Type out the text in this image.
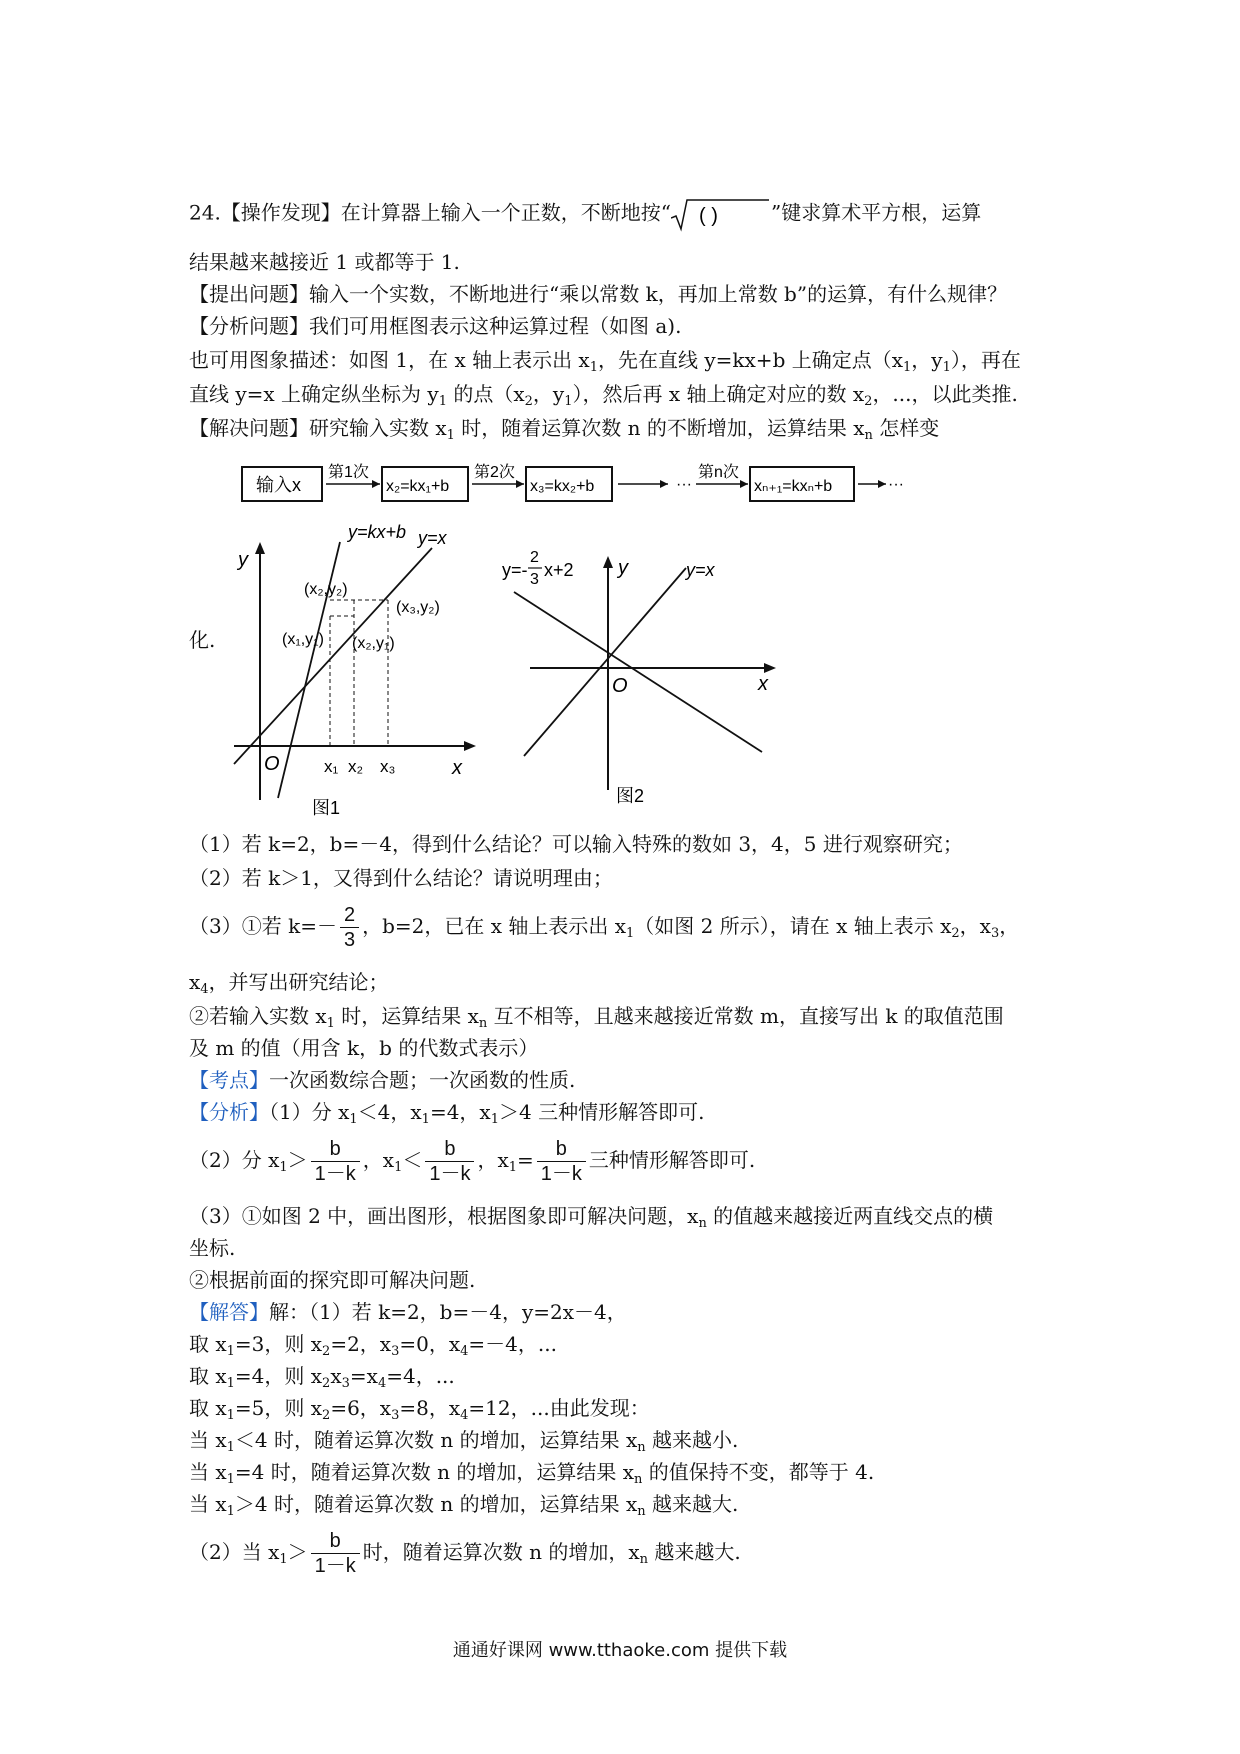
24.【操作发现】在计算器上输入一个正数，不断地按“ ( )	”键求算术平方根，运算
结果越来越接近 1 或都等于 1.
【提出问题】输入一个实数，不断地进行“乘以常数 k，再加上常数 b”的运算，有什么规律？
【分析问题】我们可用框图表示这种运算过程（如图 a).
也可用图象描述：如图 1，在 x 轴上表示出 $x_1$，先在直线 y=kx+b 上确定点（$x_1$，$y_1$），再在
直线 y=x 上确定纵坐标为 $y_1$ 的点（$x_2$，$y_1$），然后再 x 轴上确定对应的数 $x_2$，...，以此类推.
【解决问题】研究输入实数 $x_1$ 时，随着运算次数 n 的不断增加，运算结果 $x_n$ 怎样变
输入x
第1次
x₂=kx₁+b
第2次
x₃=kx₂+b	···
第n次
xₙ₊₁=kxₙ+b	···
化.
y
x
O
y=kx+b y=x
(x₂,y₂)
(x₃,y₂)
(x₁,y₁) (x₂,y₁)
x₁ x₂ x₃
图1
y=-
2
3 x+2 y	y=x
O	x
图2
（1）若 k=2，b=－4，得到什么结论？可以输入特殊的数如 3，4，5 进行观察研究；
（2）若 k＞1，又得到什么结论？请说明理由；
（3）①若 $k=- \frac{2}{3}$ ，b=2，已在 x 轴上表示出 $x_1$（如图 2 所示），请在 x 轴上表示 $x_2$，$x_3$，
$x_4$，并写出研究结论；
②若输入实数 $x_1$ 时，运算结果 $x_n$ 互不相等，且越来越接近常数 m，直接写出 k 的取值范围
及 m 的值（用含 k，b 的代数式表示）
【考点】一次函数综合题；一次函数的性质.
【分析】（1）分 $x_1<4$，$x_1=4$，$x_1>4$ 三种情形解答即可.
（2）分 $x_1> \frac{b}{1-k}$ ，$x_1< \frac{b}{1-k}$ ，$x_1= \frac{b}{1-k}$ 三种情形解答即可.
（3）①如图 2 中，画出图形，根据图象即可解决问题，$x_n$ 的值越来越接近两直线交点的横
坐标.
②根据前面的探究即可解决问题.
【解答】解：（1）若 k=2，b=－4，y=2x－4，
取 $x_1=3$，则 $x_2=2$，$x_3=0$，$x_4=-4$，...
取 $x_1=4$，则 $x_2x_3=x_4=4$，...
取 $x_1=5$，则 $x_2=6$，$x_3=8$，$x_4=12$，...由此发现：
当 $x_1<4$ 时，随着运算次数 n 的增加，运算结果 $x_n$ 越来越小.
当 $x_1=4$ 时，随着运算次数 n 的增加，运算结果 $x_n$ 的值保持不变，都等于 4.
当 $x_1>4$ 时，随着运算次数 n 的增加，运算结果 $x_n$ 越来越大.
（2）当 $x_1> \frac{b}{1-k}$ 时，随着运算次数 n 的增加，$x_n$ 越来越大.
通通好课网 www.tthaoke.com 提供下载
